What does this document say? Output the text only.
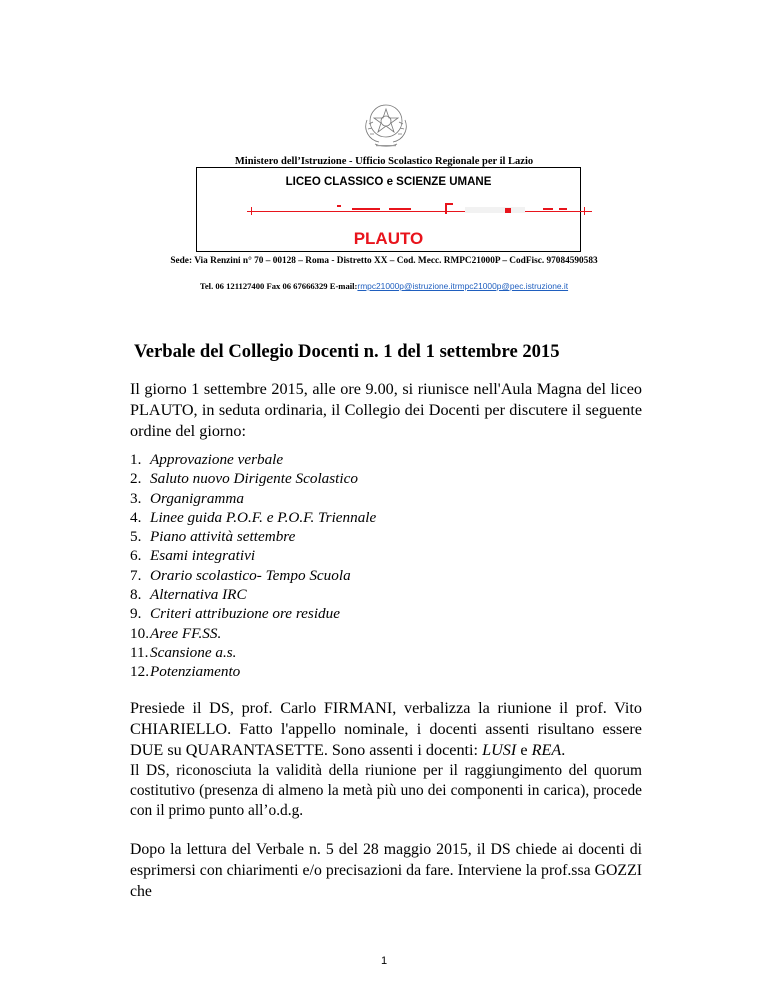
Ministero dell’Istruzione - Ufficio Scolastico Regionale per il Lazio
LICEO CLASSICO e SCIENZE UMANE
PLAUTO
Sede: Via Renzini n° 70 – 00128 – Roma - Distretto XX – Cod. Mecc. RMPC21000P – CodFisc. 97084590583
Tel. 06 121127400 Fax 06 67666329 E-mail:rmpc21000p@istruzione.itrmpc21000p@pec.istruzione.it
Verbale del Collegio Docenti n. 1 del 1 settembre 2015

Il giorno 1 settembre 2015, alle ore 9.00, si riunisce nell'Aula Magna del liceo PLAUTO, in seduta ordinaria, il Collegio dei Docenti per discutere il seguente ordine del giorno:

1. Approvazione verbale
2. Saluto nuovo Dirigente Scolastico
3. Organigramma
4. Linee guida P.O.F. e P.O.F. Triennale
5. Piano attività settembre
6. Esami integrativi
7. Orario scolastico- Tempo Scuola
8. Alternativa IRC
9. Criteri attribuzione ore residue
10.Aree FF.SS.
11. Scansione a.s.
12.Potenziamento

Presiede il DS, prof. Carlo FIRMANI, verbalizza la riunione il prof. Vito CHIARIELLO. Fatto l'appello nominale, i docenti assenti risultano essere DUE su QUARANTASETTE. Sono assenti i docenti: LUSI e REA.

Il DS, riconosciuta la validità della riunione per il raggiungimento del quorum costitutivo (presenza di almeno la metà più uno dei componenti in carica), procede con il primo punto all’o.d.g.

Dopo la lettura del Verbale n. 5 del 28 maggio 2015, il DS chiede ai docenti di esprimersi con chiarimenti e/o precisazioni da fare. Interviene la prof.ssa GOZZI che

1
